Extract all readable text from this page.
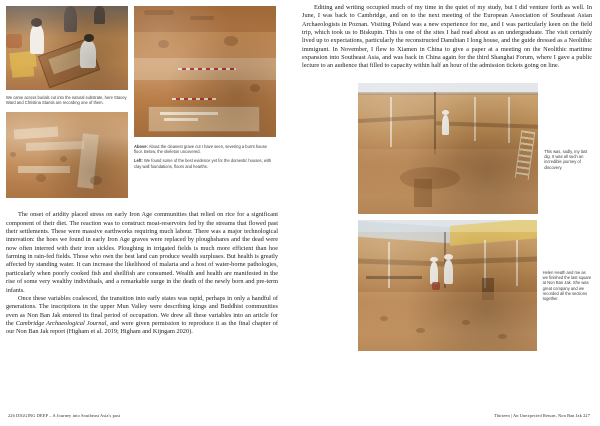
We came across burials cut into the natural substrate, here Stacey Ward and Christina Stantis are recording one of them.
Above: About the cleanest grave cut I have seen, severing a burnt house floor. Below, the skeleton uncovered.
Left: We found some of the best evidence yet for the domestic houses, with clay wall foundations, floors and hearths.

The onset of aridity placed stress on early Iron Age communities that relied on rice for a significant component of their diet. The reaction was to construct moat-reservoirs fed by the streams that flowed past their settlements. These were massive earthworks requiring much labour. There was a major technological innovation: the hoes we found in early Iron Age graves were replaced by ploughshares and the dead were now often interred with their iron sickles. Ploughing in irrigated fields is much more efficient than hoe farming in rain-fed fields. Those who own the best land can produce wealth surpluses. But health is greatly affected by standing water. It can increase the likelihood of malaria and a host of water-borne pathologies, particularly when poorly cooked fish and shellfish are consumed. Wealth and health are manifested in the rise of some very wealthy individuals, and a remarkable surge in the death of the newly born and pre-term infants.

Once these variables coalesced, the transition into early states was rapid, perhaps in only a handful of generations. The inscriptions in the upper Mun Valley were describing kings and Buddhist communities even as Non Ban Jak entered its final period of occupation. We drew all these variables into an article for the Cambridge Archaeological Journal, and were given permission to reproduce it as the final chapter of our Non Ban Jak report (Higham et al. 2019; Higham and Kijngam 2020).

226 DIGGING DEEP – A Journey into Southeast Asia's past

Editing and writing occupied much of my time in the quiet of my study, but I did venture forth as well. In June, I was back to Cambridge, and on to the next meeting of the European Association of Southeast Asian Archaeologists in Poznan. Visiting Poland was a new experience for me, and I was particularly keen on the field trip, which took us to Biskupin. This is one of the sites I had read about as an undergraduate. The visit certainly lived up to expectations, particularly the reconstructed Danubian I long house, and the guide dressed as a Neolithic immigrant. In November, I flew to Xiamen in China to give a paper at a meeting on the Neolithic maritime expansion into Southeast Asia, and was back in China again for the third Shanghai Forum, where I gave a public lecture to an audience that filled to capacity within half an hour of the admission tickets going on line.

This was, sadly, my last dig. It was all such an incredible journey of discovery.
Helen Heath and me as we finished the last square at Non Ban Jak. She was great company and we recorded all the sections together.
Thirteen | An Unexpected Return, Non Ban Jak 227
